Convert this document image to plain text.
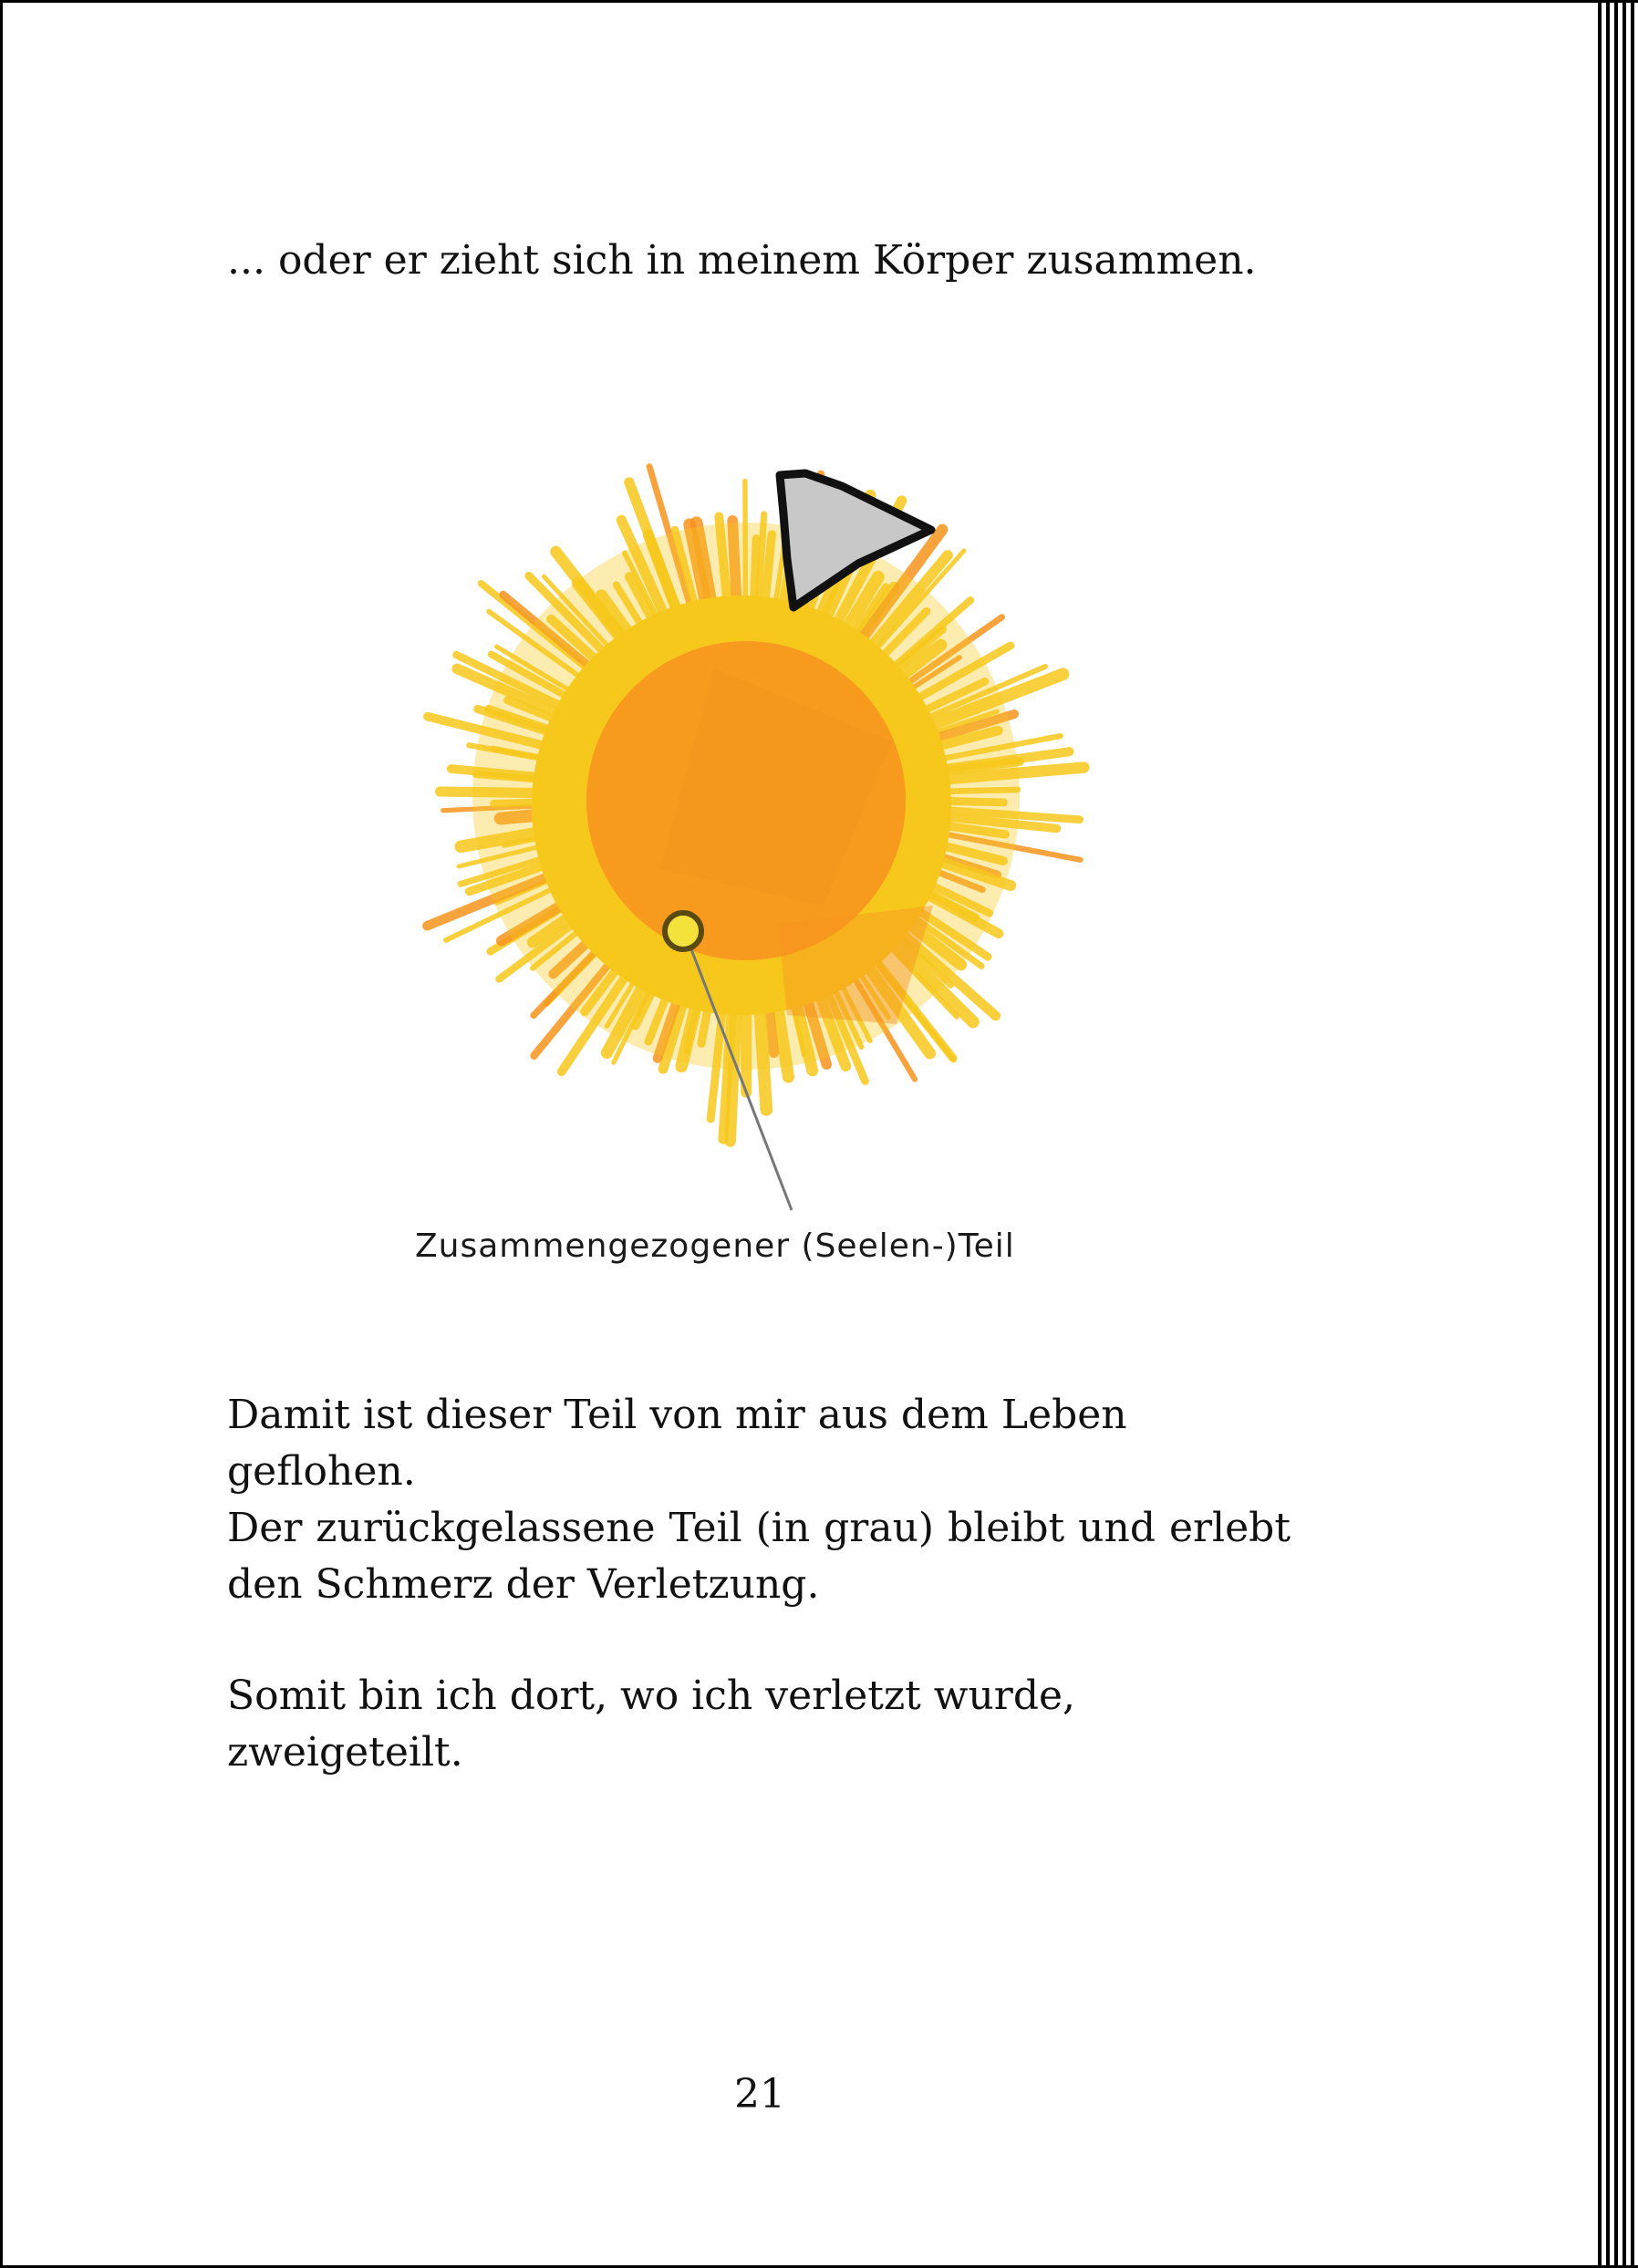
... oder er zieht sich in meinem Körper zusammen.

Zusammengezogener (Seelen-)Teil

Damit ist dieser Teil von mir aus dem Leben geflohen.

Der zurückgelassene Teil (in grau) bleibt und erlebt den Schmerz der Verletzung.

Somit bin ich dort, wo ich verletzt wurde, zweigeteilt.

21
